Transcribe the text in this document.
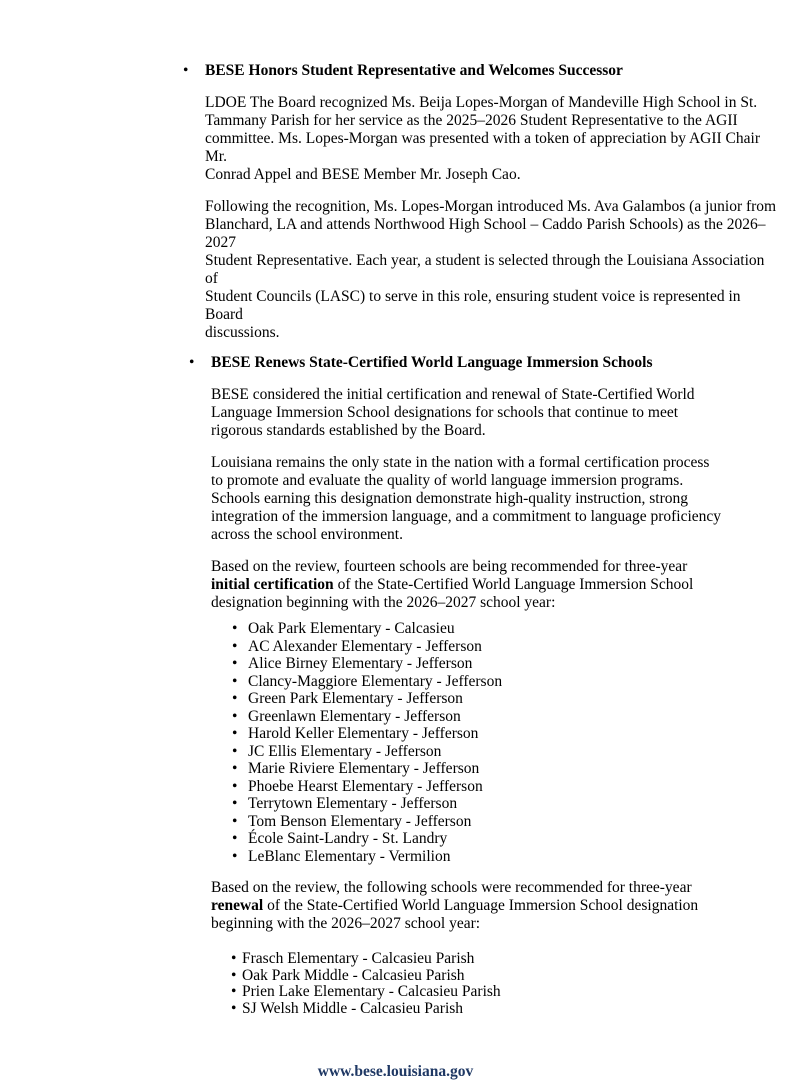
•	BESE Honors Student Representative and Welcomes Successor

LDOE The Board recognized Ms. Beija Lopes-Morgan of Mandeville High School in St.
Tammany Parish for her service as the 2025–2026 Student Representative to the AGII
committee. Ms. Lopes-Morgan was presented with a token of appreciation by AGII Chair Mr.
Conrad Appel and BESE Member Mr. Joseph Cao.

Following the recognition, Ms. Lopes-Morgan introduced Ms. Ava Galambos (a junior from
Blanchard, LA and attends Northwood High School – Caddo Parish Schools) as the 2026–2027
Student Representative. Each year, a student is selected through the Louisiana Association of
Student Councils (LASC) to serve in this role, ensuring student voice is represented in Board
discussions.

•	BESE Renews State-Certified World Language Immersion Schools

BESE considered the initial certification and renewal of State-Certified World
Language Immersion School designations for schools that continue to meet
rigorous standards established by the Board.

Louisiana remains the only state in the nation with a formal certification process
to promote and evaluate the quality of world language immersion programs.
Schools earning this designation demonstrate high-quality instruction, strong
integration of the immersion language, and a commitment to language proficiency
across the school environment.

Based on the review, fourteen schools are being recommended for three-year
initial certification of the State-Certified World Language Immersion School
designation beginning with the 2026–2027 school year:

• Oak Park Elementary - Calcasieu
• AC Alexander Elementary - Jefferson
• Alice Birney Elementary - Jefferson
• Clancy-Maggiore Elementary - Jefferson
• Green Park Elementary - Jefferson
• Greenlawn Elementary - Jefferson
• Harold Keller Elementary - Jefferson
• JC Ellis Elementary - Jefferson
• Marie Riviere Elementary - Jefferson
• Phoebe Hearst Elementary - Jefferson
• Terrytown Elementary - Jefferson
• Tom Benson Elementary - Jefferson
• École Saint-Landry - St. Landry
• LeBlanc Elementary - Vermilion

Based on the review, the following schools were recommended for three-year
renewal of the State-Certified World Language Immersion School designation
beginning with the 2026–2027 school year:

• Frasch Elementary - Calcasieu Parish
• Oak Park Middle - Calcasieu Parish
• Prien Lake Elementary - Calcasieu Parish
• SJ Welsh Middle - Calcasieu Parish
www.bese.louisiana.gov
